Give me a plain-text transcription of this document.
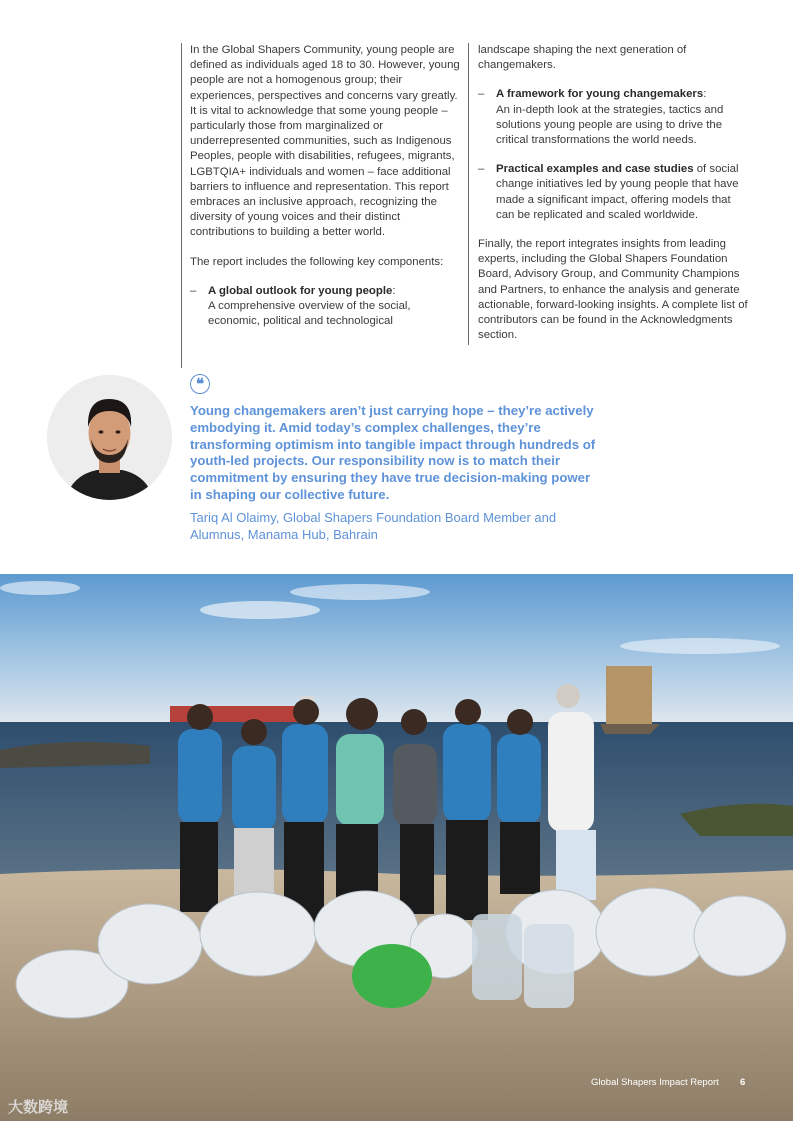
In the Global Shapers Community, young people are defined as individuals aged 18 to 30. However, young people are not a homogenous group; their experiences, perspectives and concerns vary greatly. It is vital to acknowledge that some young people – particularly those from marginalized or underrepresented communities, such as Indigenous Peoples, people with disabilities, refugees, migrants, LGBTQIA+ individuals and women – face additional barriers to influence and representation. This report embraces an inclusive approach, recognizing the diversity of young voices and their distinct contributions to building a better world.

The report includes the following key components:

– A global outlook for young people:
A comprehensive overview of the social, economic, political and technological

landscape shaping the next generation of changemakers.

– A framework for young changemakers:
An in-depth look at the strategies, tactics and solutions young people are using to drive the critical transformations the world needs.
– Practical examples and case studies of social change initiatives led by young people that have made a significant impact, offering models that can be replicated and scaled worldwide.

Finally, the report integrates insights from leading experts, including the Global Shapers Foundation Board, Advisory Group, and Community Champions and Partners, to enhance the analysis and generate actionable, forward-looking insights. A complete list of contributors can be found in the Acknowledgments section.

❝

Young changemakers aren’t just carrying hope – they’re actively embodying it. Amid today’s complex challenges, they’re transforming optimism into tangible impact through hundreds of youth-led projects. Our responsibility now is to match their commitment by ensuring they have true decision-making power in shaping our collective future.

Tariq Al Olaimy, Global Shapers Foundation Board Member and Alumnus, Manama Hub, Bahrain

Global Shapers Impact Report 6
大数跨境
